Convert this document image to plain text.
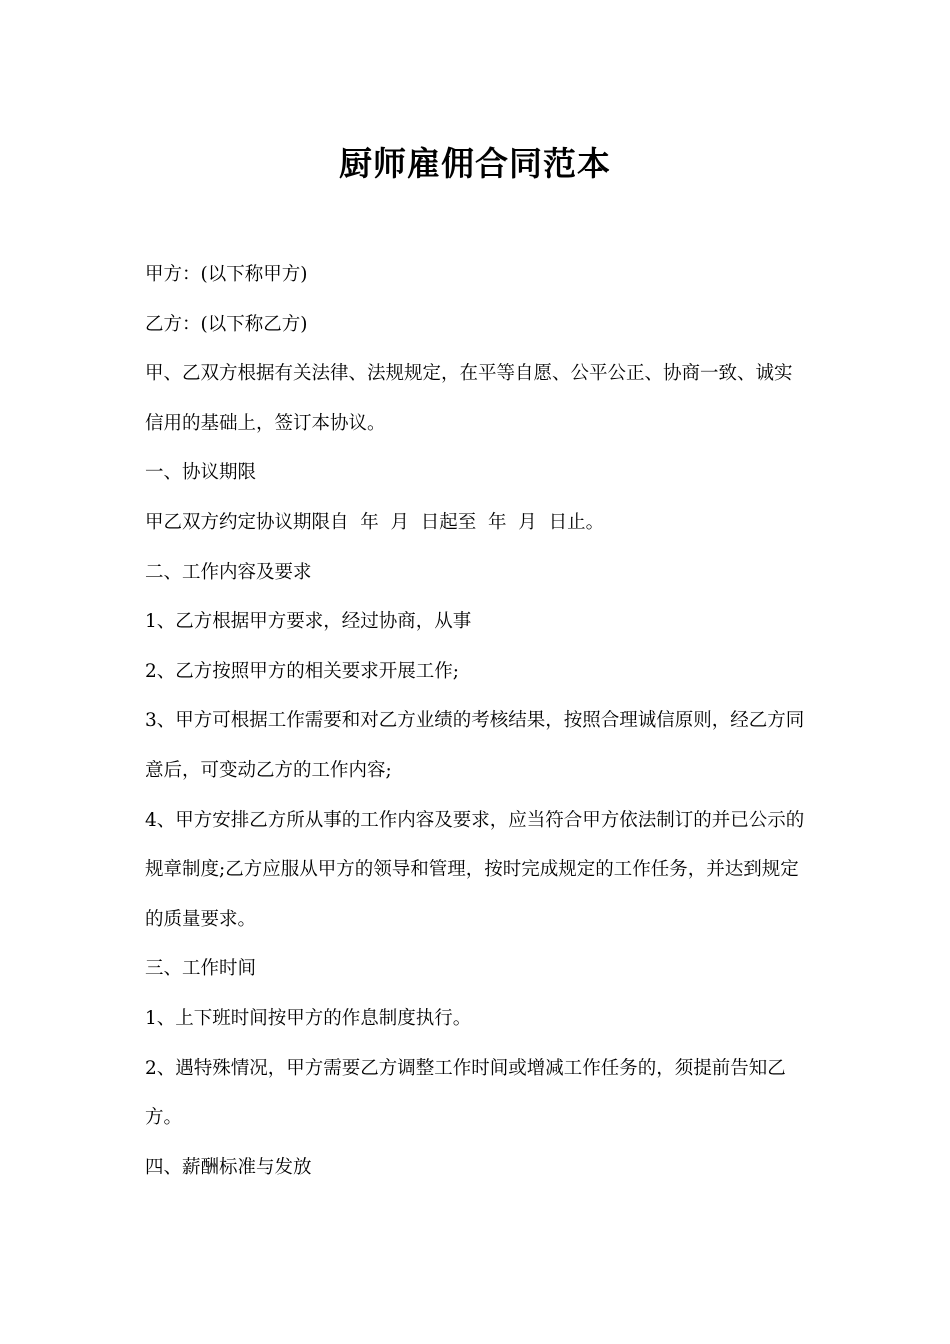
厨师雇佣合同范本

甲方：(以下称甲方)

乙方：(以下称乙方)

甲、乙双方根据有关法律、法规规定，在平等自愿、公平公正、协商一致、诚实信用的基础上，签订本协议。

一、协议期限

甲乙双方约定协议期限自  年  月  日起至  年  月  日止。

二、工作内容及要求

1、乙方根据甲方要求，经过协商，从事

2、乙方按照甲方的相关要求开展工作;

3、甲方可根据工作需要和对乙方业绩的考核结果，按照合理诚信原则，经乙方同意后，可变动乙方的工作内容;

4、甲方安排乙方所从事的工作内容及要求，应当符合甲方依法制订的并已公示的规章制度;乙方应服从甲方的领导和管理，按时完成规定的工作任务，并达到规定的质量要求。

三、工作时间

1、上下班时间按甲方的作息制度执行。

2、遇特殊情况，甲方需要乙方调整工作时间或增减工作任务的，须提前告知乙方。

四、薪酬标准与发放
